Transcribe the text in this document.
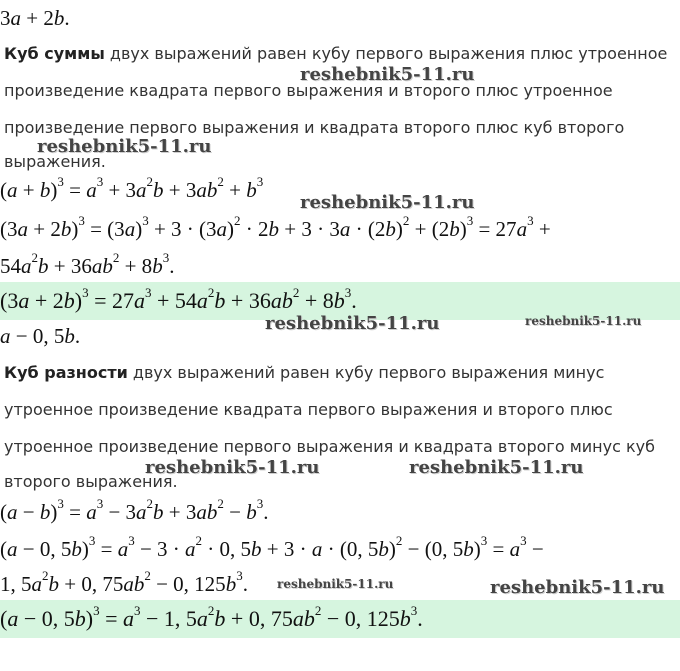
3a + 2b.

Куб суммы двух выражений равен кубу первого выражения плюс утроенное

произведение квадрата первого выражения и второго плюс утроенное

произведение первого выражения и квадрата второго плюс куб второго

выражения.

$(a + b)^3 = a^3 + 3a^2b + 3ab^2 + b^3$
$(3a + 2b)^3 = (3a)^3 + 3 \cdot (3a)^2 \cdot 2b + 3 \cdot 3a \cdot (2b)^2 + (2b)^3 = 27a^3$ +
$54a^2b + 36ab^2 + 8b^3$.
$(3a + 2b)^3 = 27a^3 + 54a^2b + 36ab^2 + 8b^3$.
a − 0, 5b.

Куб разности двух выражений равен кубу первого выражения минус

утроенное произведение квадрата первого выражения и второго плюс

утроенное произведение первого выражения и квадрата второго минус куб

второго выражения.

$(a - b)^3 = a^3 - 3a^2b + 3ab^2 - b^3$.
(a − 0, $5b)^3 = a^3 - 3 \cdot a^2 \cdot 0$, 5b + 3 · a · (0, 5b)$^2$ − (0, $5b)^3 = a^3$ −
1, $5a^2b + 0$, $75ab^2 - 0$, $125b^3$.
(a − 0, $5b)^3 = a^3 - 1$, $5a^2b + 0$, $75ab^2 - 0$, $125b^3$.
reshebnik5-11.ru
reshebnik5-11.ru
reshebnik5-11.ru
reshebnik5-11.ru	reshebnik5-11.ru
reshebnik5-11.ru	reshebnik5-11.ru
reshebnik5-11.ru	reshebnik5-11.ru
